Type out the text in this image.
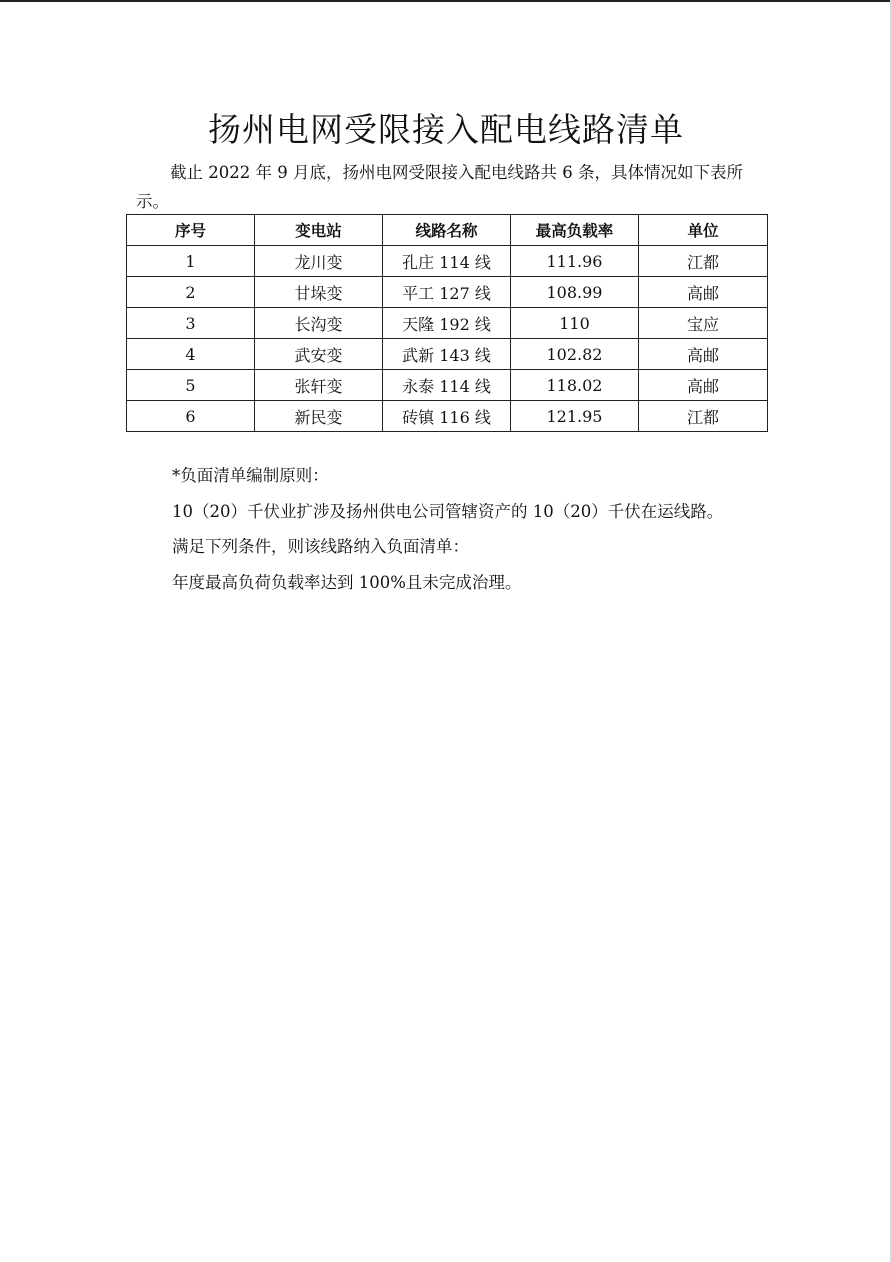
扬州电网受限接入配电线路清单
截止 2022 年 9 月底，扬州电网受限接入配电线路共 6 条，具体情况如下表所示。
序号	变电站	线路名称	最高负载率	单位
1	龙川变	孔庄 114 线	111.96	江都
2	甘垛变	平工 127 线	108.99	高邮
3	长沟变	天隆 192 线	110	宝应
4	武安变	武新 143 线	102.82	高邮
5	张轩变	永泰 114 线	118.02	高邮
6	新民变	砖镇 116 线	121.95	江都
*负面清单编制原则：
10（20）千伏业扩涉及扬州供电公司管辖资产的 10（20）千伏在运线路。
满足下列条件，则该线路纳入负面清单：
年度最高负荷负载率达到 100%且未完成治理。
